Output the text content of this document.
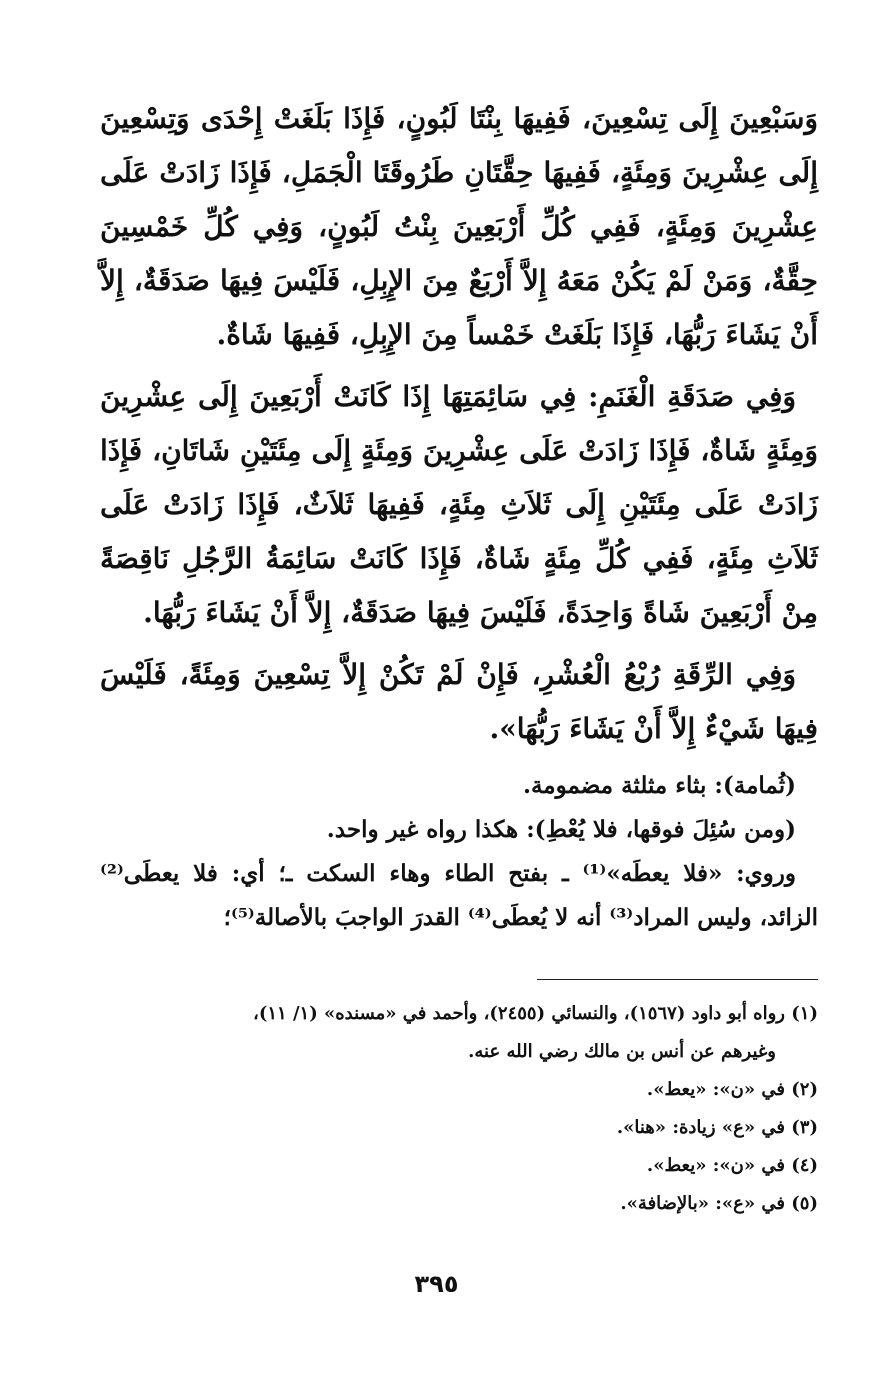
وَسَبْعِينَ إِلَى تِسْعِينَ، فَفِيهَا بِنْتَا لَبُونٍ، فَإِذَا بَلَغَتْ إِحْدَى وَتِسْعِينَ إِلَى عِشْرِينَ وَمِئَةٍ، فَفِيهَا حِقَّتَانِ طَرُوقَتَا الْجَمَلِ، فَإِذَا زَادَتْ عَلَى عِشْرِينَ وَمِئَةٍ، فَفِي كُلِّ أَرْبَعِينَ بِنْتُ لَبُونٍ، وَفِي كُلِّ خَمْسِينَ حِقَّةٌ، وَمَنْ لَمْ يَكُنْ مَعَهُ إِلاَّ أَرْبَعٌ مِنَ الإِبِلِ، فَلَيْسَ فِيهَا صَدَقَةٌ، إِلاَّ أَنْ يَشَاءَ رَبُّهَا، فَإِذَا بَلَغَتْ خَمْساً مِنَ الإِبِلِ، فَفِيهَا شَاةٌ.

وَفِي صَدَقَةِ الْغَنَمِ: فِي سَائِمَتِهَا إِذَا كَانَتْ أَرْبَعِينَ إِلَى عِشْرِينَ وَمِئَةٍ شَاةٌ، فَإِذَا زَادَتْ عَلَى عِشْرِينَ وَمِئَةٍ إِلَى مِئَتَيْنِ شَاتَانِ، فَإِذَا زَادَتْ عَلَى مِئَتَيْنِ إِلَى ثَلاَثِ مِئَةٍ، فَفِيهَا ثَلاَثٌ، فَإِذَا زَادَتْ عَلَى ثَلاَثِ مِئَةٍ، فَفِي كُلِّ مِئَةٍ شَاةٌ، فَإِذَا كَانَتْ سَائِمَةُ الرَّجُلِ نَاقِصَةً مِنْ أَرْبَعِينَ شَاةً وَاحِدَةً، فَلَيْسَ فِيهَا صَدَقَةٌ، إِلاَّ أَنْ يَشَاءَ رَبُّهَا.

وَفِي الرِّقَةِ رُبْعُ الْعُشْرِ، فَإِنْ لَمْ تَكُنْ إِلاَّ تِسْعِينَ وَمِئَةً، فَلَيْسَ فِيهَا شَيْءٌ إِلاَّ أَنْ يَشَاءَ رَبُّهَا».

(ثُمامة): بثاء مثلثة مضمومة.

(ومن سُئِلَ فوقها، فلا يُعْطِ): هكذا رواه غير واحد.

وروي: «فلا يعطَه»⁽¹⁾ ـ بفتح الطاء وهاء السكت ـ؛ أي: فلا يعطَى⁽²⁾ الزائد، وليس المراد⁽³⁾ أنه لا يُعطَى⁽⁴⁾ القدرَ الواجبَ بالأصالة⁽⁵⁾؛

(١) رواه أبو داود (١٥٦٧)، والنسائي (٢٤٥٥)، وأحمد في «مسنده» (١/ ١١)،
وغيرهم عن أنس بن مالك رضي الله عنه.

(٢) في «ن»: «يعط».

(٣) في «ع» زيادة: «هنا».

(٤) في «ن»: «يعط».

(٥) في «ع»: «بالإضافة».

٣٩٥
